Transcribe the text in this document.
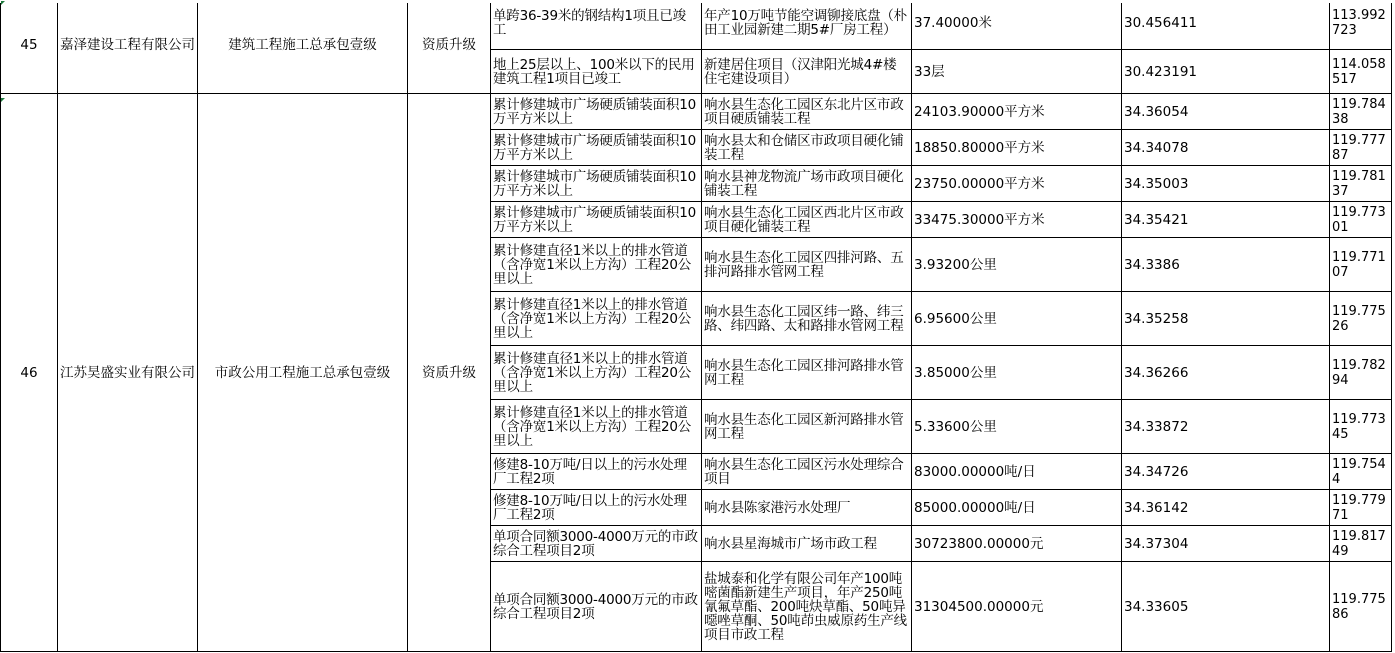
45	嘉泽建设工程有限公司	建筑工程施工总承包壹级	资质升级	单跨36-39米的钢结构1项且已竣工	年产10万吨节能空调铆接底盘（朴田工业园新建二期5#厂房工程）	37.40000米	30.456411	113.992723
				地上25层以上、100米以下的民用建筑工程1项目已竣工	新建居住项目（汉津阳光城4#楼住宅建设项目）	33层	30.423191	114.058517
46	江苏昊盛实业有限公司	市政公用工程施工总承包壹级	资质升级	累计修建城市广场硬质铺装面积10万平方米以上	响水县生态化工园区东北片区市政项目硬质铺装工程	24103.90000平方米	34.36054	119.78438
				累计修建城市广场硬质铺装面积10万平方米以上	响水县太和仓储区市政项目硬化铺装工程	18850.80000平方米	34.34078	119.77787
				累计修建城市广场硬质铺装面积10万平方米以上	响水县神龙物流广场市政项目硬化铺装工程	23750.00000平方米	34.35003	119.78137
				累计修建城市广场硬质铺装面积10万平方米以上	响水县生态化工园区西北片区市政项目硬化铺装工程	33475.30000平方米	34.35421	119.77301
				累计修建直径1米以上的排水管道（含净宽1米以上方沟）工程20公里以上	响水县生态化工园区四排河路、五排河路排水管网工程	3.93200公里	34.3386	119.77107
				累计修建直径1米以上的排水管道（含净宽1米以上方沟）工程20公里以上	响水县生态化工园区纬一路、纬三路、纬四路、太和路排水管网工程	6.95600公里	34.35258	119.77526
				累计修建直径1米以上的排水管道（含净宽1米以上方沟）工程20公里以上	响水县生态化工园区排河路排水管网工程	3.85000公里	34.36266	119.78294
				累计修建直径1米以上的排水管道（含净宽1米以上方沟）工程20公里以上	响水县生态化工园区新河路排水管网工程	5.33600公里	34.33872	119.77345
				修建8-10万吨/日以上的污水处理厂工程2项	响水县生态化工园区污水处理综合项目	83000.00000吨/日	34.34726	119.7544
				修建8-10万吨/日以上的污水处理厂工程2项	响水县陈家港污水处理厂	85000.00000吨/日	34.36142	119.77971
				单项合同额3000-4000万元的市政综合工程项目2项	响水县星海城市广场市政工程	30723800.00000元	34.37304	119.81749
				单项合同额3000-4000万元的市政综合工程项目2项	盐城泰和化学有限公司年产100吨 嘧菌酯新建生产项目，年产250吨氰氟草酯、200吨炔草酯、50吨异噁唑草酮、50吨茚虫威原药生产线项目市政工程	31304500.00000元	34.33605	119.77586
